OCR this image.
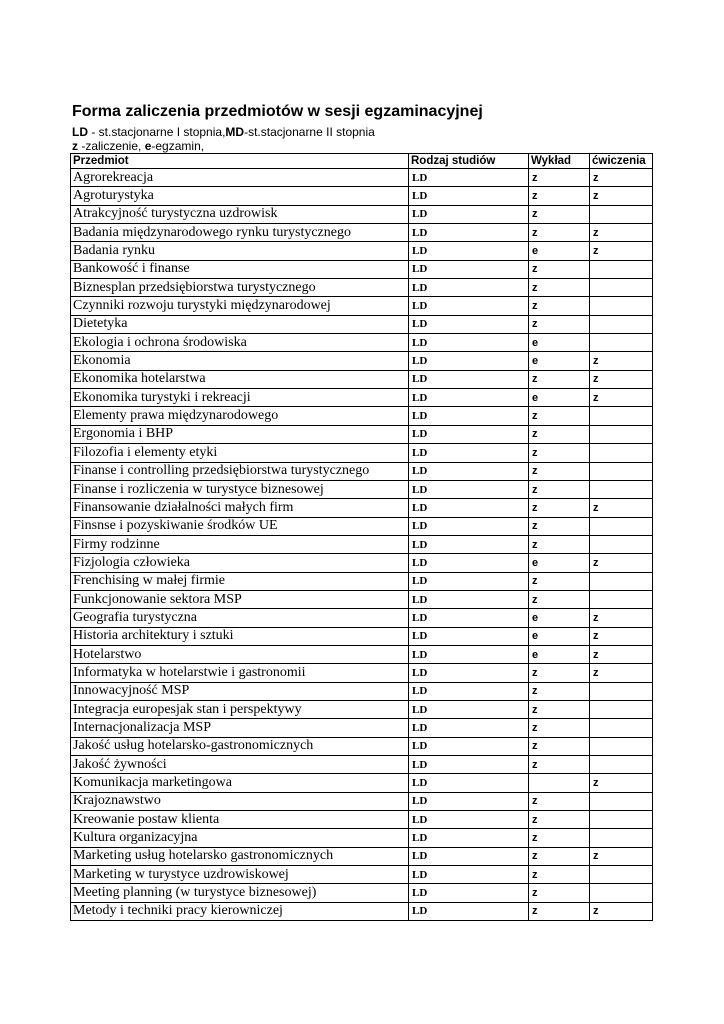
Forma zaliczenia przedmiotów w sesji egzaminacyjnej
LD - st.stacjonarne I stopnia,MD-st.stacjonarne II stopnia
z -zaliczenie, e-egzamin,
Przedmiot	Rodzaj studiów	Wykład	ćwiczenia
Agrorekreacja	LD	z	z
Agroturystyka	LD	z	z
Atrakcyjność turystyczna uzdrowisk	LD	z	
Badania międzynarodowego rynku turystycznego	LD	z	z
Badania rynku	LD	e	z
Bankowość i finanse	LD	z	
Biznesplan przedsiębiorstwa turystycznego	LD	z	
Czynniki rozwoju turystyki międzynarodowej	LD	z	
Dietetyka	LD	z	
Ekologia i ochrona środowiska	LD	e	
Ekonomia	LD	e	z
Ekonomika hotelarstwa	LD	z	z
Ekonomika turystyki i rekreacji	LD	e	z
Elementy prawa międzynarodowego	LD	z	
Ergonomia i BHP	LD	z	
Filozofia i elementy etyki	LD	z	
Finanse i controlling przedsiębiorstwa turystycznego	LD	z	
Finanse i rozliczenia w turystyce biznesowej	LD	z	
Finansowanie działalności małych firm	LD	z	z
Finsnse i pozyskiwanie środków UE	LD	z	
Firmy rodzinne	LD	z	
Fizjologia człowieka	LD	e	z
Frenchising w małej firmie	LD	z	
Funkcjonowanie sektora MSP	LD	z	
Geografia turystyczna	LD	e	z
Historia architektury i sztuki	LD	e	z
Hotelarstwo	LD	e	z
Informatyka w hotelarstwie i gastronomii	LD	z	z
Innowacyjność MSP	LD	z	
Integracja europesjak stan i perspektywy	LD	z	
Internacjonalizacja MSP	LD	z	
Jakość usług hotelarsko-gastronomicznych	LD	z	
Jakość żywności	LD	z	
Komunikacja marketingowa	LD		z
Krajoznawstwo	LD	z	
Kreowanie postaw klienta	LD	z	
Kultura organizacyjna	LD	z	
Marketing usług hotelarsko gastronomicznych	LD	z	z
Marketing w turystyce uzdrowiskowej	LD	z	
Meeting planning (w turystyce biznesowej)	LD	z	
Metody i techniki pracy kierowniczej	LD	z	z
